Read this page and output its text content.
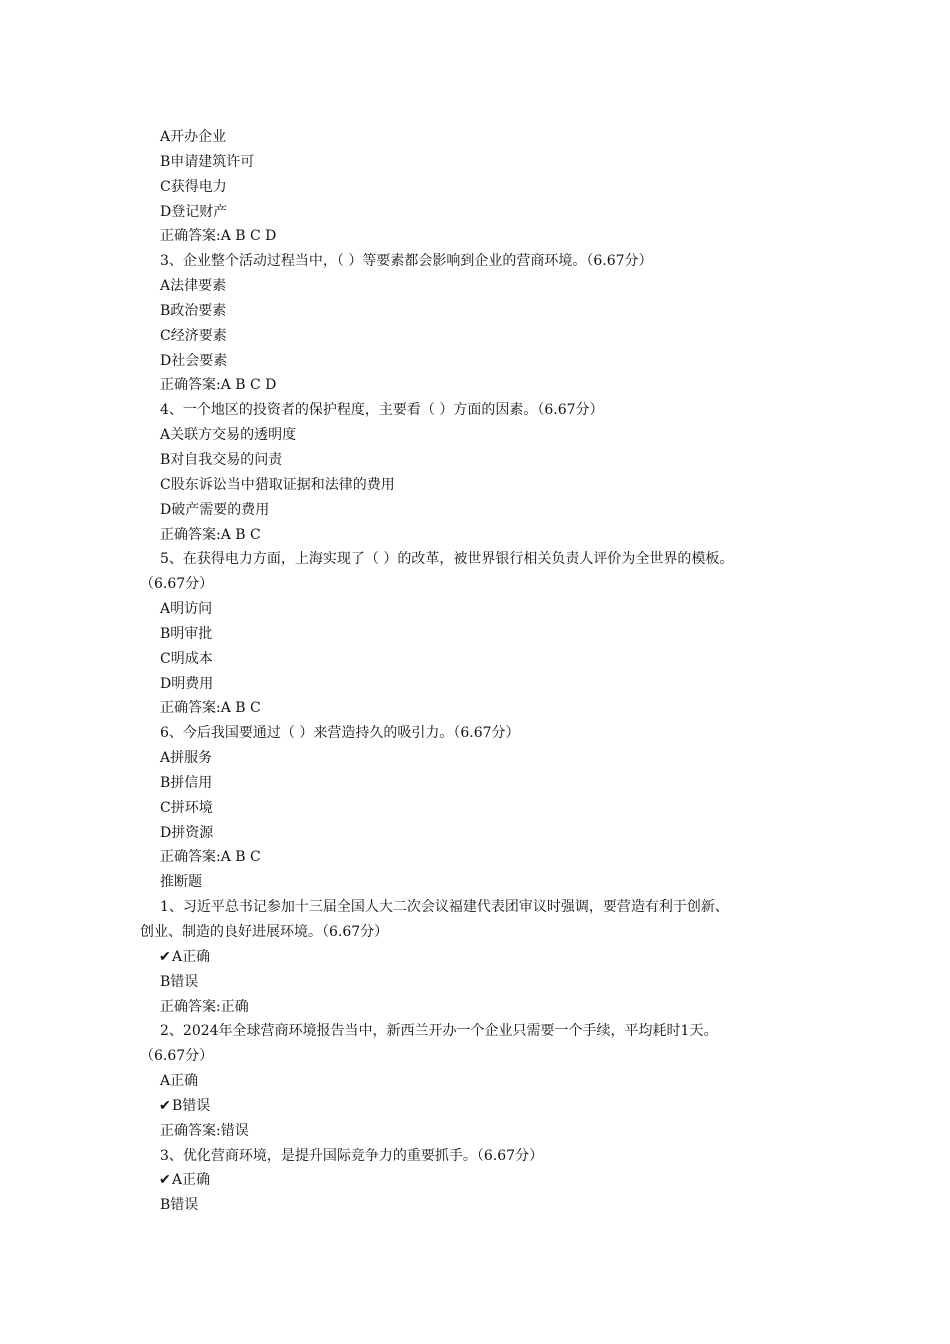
A开办企业
B申请建筑许可
C获得电力
D登记财产
正确答案:A B C D
3、企业整个活动过程当中，（ ）等要素都会影响到企业的营商环境。（6.67分）
A法律要素
B政治要素
C经济要素
D社会要素
正确答案:A B C D
4、一个地区的投资者的保护程度，主要看（ ）方面的因素。（6.67分）
A关联方交易的透明度
B对自我交易的问责
C股东诉讼当中猎取证据和法律的费用
D破产需要的费用
正确答案:A B C
5、在获得电力方面，上海实现了（ ）的改革，被世界银行相关负责人评价为全世界的模板。
（6.67分）
A明访问
B明审批
C明成本
D明费用
正确答案:A B C
6、今后我国要通过（ ）来营造持久的吸引力。（6.67分）
A拼服务
B拼信用
C拼环境
D拼资源
正确答案:A B C
推断题
1、习近平总书记参加十三届全国人大二次会议福建代表团审议时强调，要营造有利于创新、
创业、制造的良好进展环境。（6.67分）
✔A正确
B错误
正确答案:正确
2、2024年全球营商环境报告当中，新西兰开办一个企业只需要一个手续，平均耗时1天。
（6.67分）
A正确
✔B错误
正确答案:错误
3、优化营商环境，是提升国际竞争力的重要抓手。（6.67分）
✔A正确
B错误
